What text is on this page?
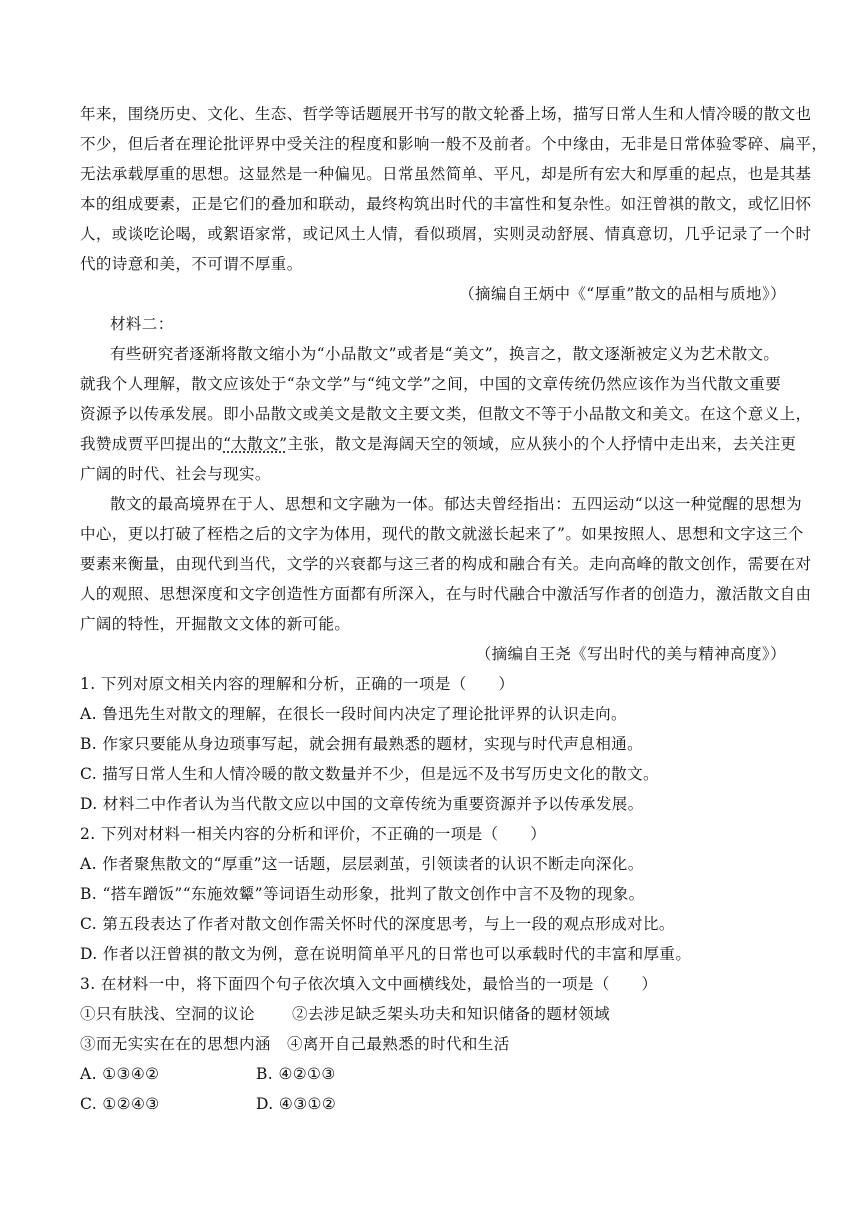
年来，围绕历史、文化、生态、哲学等话题展开书写的散文轮番上场，描写日常人生和人情冷暖的散文也
不少，但后者在理论批评界中受关注的程度和影响一般不及前者。个中缘由，无非是日常体验零碎、扁平，
无法承载厚重的思想。这显然是一种偏见。日常虽然简单、平凡，却是所有宏大和厚重的起点，也是其基
本的组成要素，正是它们的叠加和联动，最终构筑出时代的丰富性和复杂性。如汪曾祺的散文，或忆旧怀
人，或谈吃论喝，或絮语家常，或记风土人情，看似琐屑，实则灵动舒展、情真意切，几乎记录了一个时
代的诗意和美，不可谓不厚重。
（摘编自王炳中《“厚重”散文的品相与质地》）
材料二：
有些研究者逐渐将散文缩小为“小品散文”或者是“美文”，换言之，散文逐渐被定义为艺术散文。
就我个人理解，散文应该处于“杂文学”与“纯文学”之间，中国的文章传统仍然应该作为当代散文重要
资源予以传承发展。即小品散文或美文是散文主要文类，但散文不等于小品散文和美文。在这个意义上，
我赞成贾平凹提出的“大散文”主张，散文是海阔天空的领域，应从狭小的个人抒情中走出来，去关注更
广阔的时代、社会与现实。
散文的最高境界在于人、思想和文字融为一体。郁达夫曾经指出：五四运动“以这一种觉醒的思想为
中心，更以打破了桎梏之后的文字为体用，现代的散文就滋长起来了”。如果按照人、思想和文字这三个
要素来衡量，由现代到当代，文学的兴衰都与这三者的构成和融合有关。走向高峰的散文创作，需要在对
人的观照、思想深度和文字创造性方面都有所深入，在与时代融合中激活写作者的创造力，激活散文自由
广阔的特性，开掘散文文体的新可能。
（摘编自王尧《写出时代的美与精神高度》）
1. 下列对原文相关内容的理解和分析，正确的一项是（　　）
A. 鲁迅先生对散文的理解，在很长一段时间内决定了理论批评界的认识走向。
B. 作家只要能从身边琐事写起，就会拥有最熟悉的题材，实现与时代声息相通。
C. 描写日常人生和人情冷暖的散文数量并不少，但是远不及书写历史文化的散文。
D. 材料二中作者认为当代散文应以中国的文章传统为重要资源并予以传承发展。
2. 下列对材料一相关内容的分析和评价，不正确的一项是（　　）
A. 作者聚焦散文的“厚重”这一话题，层层剥茧，引领读者的认识不断走向深化。
B. “搭车蹭饭”“东施效颦”等词语生动形象，批判了散文创作中言不及物的现象。
C. 第五段表达了作者对散文创作需关怀时代的深度思考，与上一段的观点形成对比。
D. 作者以汪曾祺的散文为例，意在说明简单平凡的日常也可以承载时代的丰富和厚重。
3. 在材料一中，将下面四个句子依次填入文中画横线处，最恰当的一项是（　　）
①只有肤浅、空洞的议论 ②去涉足缺乏架头功夫和知识储备的题材领域
③而无实实在在的思想内涵 ④离开自己最熟悉的时代和生活
A. ①③④②	B. ④②①③
C. ①②④③	D. ④③①②
